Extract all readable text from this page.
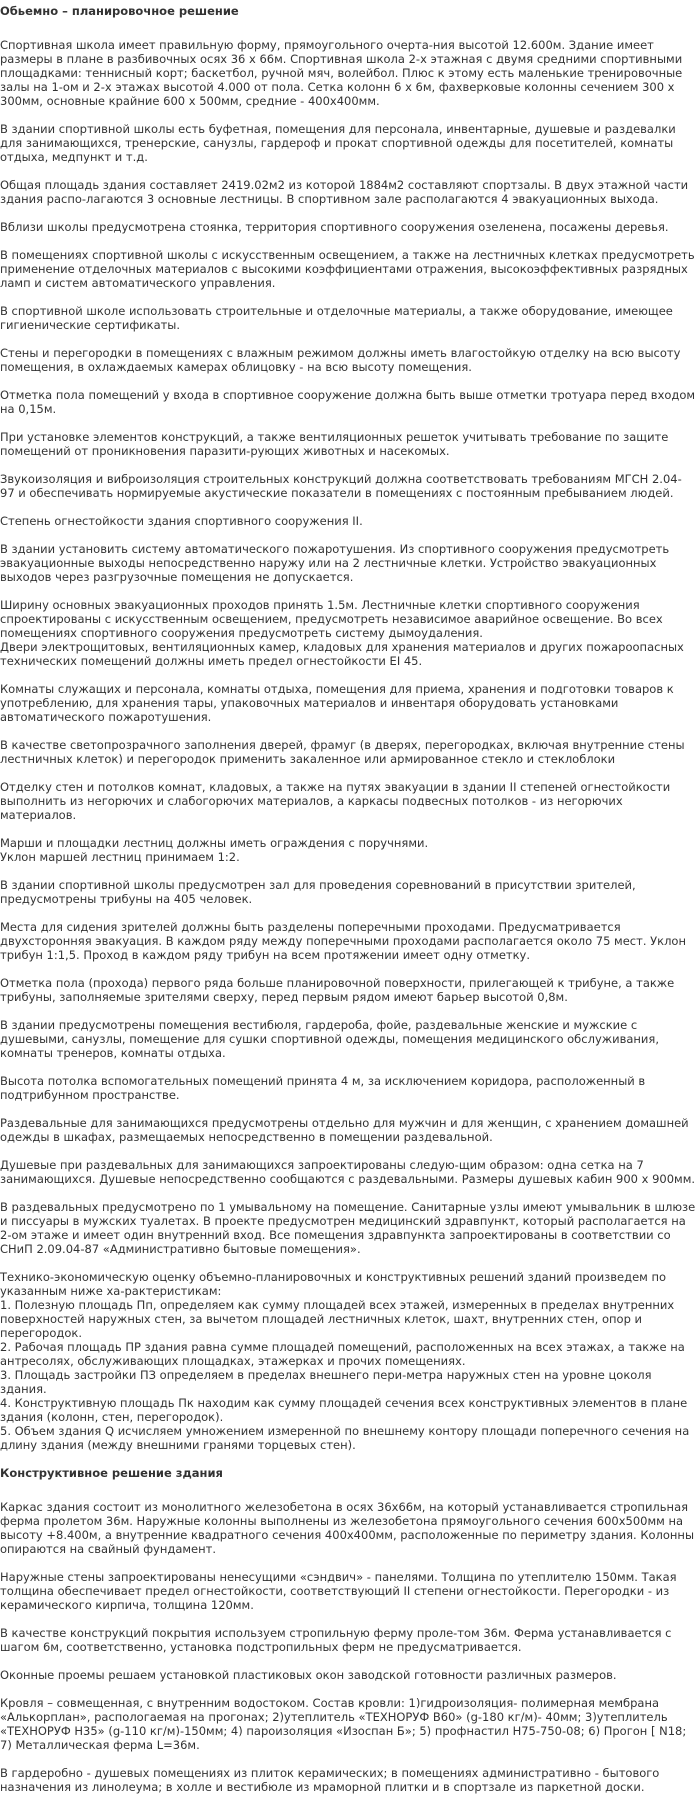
Обьемно – планировочное решение

Спортивная школа имеет правильную форму, прямоугольного очерта-ния высотой 12.600м. Здание имеет размеры в плане в разбивочных осях 36 х 66м. Спортивная школа 2-х этажная с двумя средними спортивными площадками: теннисный корт; баскетбол, ручной мяч, волейбол. Плюс к этому есть маленькие тренировочные залы на 1-ом и 2-х этажах высотой 4.000 от пола. Сетка колонн 6 х 6м, фахверковые колонны сечением 300 х 300мм, основные крайние 600 х 500мм, средние - 400х400мм.

В здании спортивной школы есть буфетная, помещения для персонала, инвентарные, душевые и раздевалки для занимающихся, тренерские, санузлы, гардероф и прокат спортивной одежды для посетителей, комнаты отдыха, медпункт и т.д.

Общая площадь здания составляет 2419.02м2 из которой 1884м2 составляют спортзалы. В двух этажной части здания распо-лагаются 3 основные лестницы. В спортивном зале располагаются 4 эвакуационных выхода.

Вблизи школы предусмотрена стоянка, территория спортивного сооружения озеленена, посажены деревья.

В помещениях спортивной школы с искусственным освещением, а также на лестничных клетках предусмотреть применение отделочных материалов с высокими коэффициентами отражения, высокоэффективных разрядных ламп и систем автоматического управления.

В спортивной школе использовать строительные и отделочные материалы, а также оборудование, имеющее гигиенические сертификаты.

Стены и перегородки в помещениях с влажным режимом должны иметь влагостойкую отделку на всю высоту помещения, в охлаждаемых камерах облицовку - на всю высоту помещения.

Отметка пола помещений у входа в спортивное сооружение должна быть выше отметки тротуара перед входом на 0,15м.

При установке элементов конструкций, а также вентиляционных решеток учитывать требование по защите помещений от проникновения паразити-рующих животных и насекомых.

Звукоизоляция и виброизоляция строительных конструкций должна соответствовать требованиям МГСН 2.04-97 и обеспечивать нормируемые акустические показатели в помещениях с постоянным пребыванием людей.

Степень огнестойкости здания спортивного сооружения II.

В здании установить систему автоматического пожаротушения. Из спортивного сооружения предусмотреть эвакуационные выходы непосредственно наружу или на 2 лестничные клетки. Устройство эвакуационных выходов через разгрузочные помещения не допускается.

Ширину основных эвакуационных проходов принять 1.5м. Лестничные клетки спортивного сооружения спроектированы с искусственным освещением, предусмотреть независимое аварийное освещение. Во всех помещениях спортивного сооружения предусмотреть систему дымоудаления.
Двери электрощитовых, вентиляционных камер, кладовых для хранения материалов и других пожароопасных технических помещений должны иметь предел огнестойкости EI 45.

Комнаты служащих и персонала, комнаты отдыха, помещения для приема, хранения и подготовки товаров к употреблению, для хранения тары, упаковочных материалов и инвентаря оборудовать установками автоматического пожаротушения.

В качестве светопрозрачного заполнения дверей, фрамуг (в дверях, перегородках, включая внутренние стены лестничных клеток) и перегородок применить закаленное или армированное стекло и стеклоблоки

Отделку стен и потолков комнат, кладовых, а также на путях эвакуации в здании II степеней огнестойкости выполнить из негорючих и слабогорючих материалов, а каркасы подвесных потолков - из негорючих материалов.

Марши и площадки лестниц должны иметь ограждения с поручнями.
Уклон маршей лестниц принимаем 1:2.

В здании спортивной школы предусмотрен зал для проведения соревнований в присутствии зрителей, предусмотрены трибуны на 405 человек.

Места для сидения зрителей должны быть разделены поперечными проходами. Предусматривается двухсторонняя эвакуация. В каждом ряду между поперечными проходами располагается около 75 мест. Уклон трибун 1:1,5. Проход в каждом ряду трибун на всем протяжении имеет одну отметку.

Отметка пола (прохода) первого ряда больше планировочной поверхности, прилегающей к трибуне, а также трибуны, заполняемые зрителями сверху, перед первым рядом имеют барьер высотой 0,8м.

В здании предусмотрены помещения вестибюля, гардероба, фойе, раздевальные женские и мужские с душевыми, санузлы, помещение для сушки спортивной одежды, помещения медицинского обслуживания, комнаты тренеров, комнаты отдыха.

Высота потолка вспомогательных помещений принята 4 м, за исключением коридора, расположенный в подтрибунном пространстве.

Раздевальные для занимающихся предусмотрены отдельно для мужчин и для женщин, с хранением домашней одежды в шкафах, размещаемых непосредственно в помещении раздевальной.

Душевые при раздевальных для занимающихся запроектированы следую-щим образом: одна сетка на 7 занимающихся. Душевые непосредственно сообщаются с раздевальными. Размеры душевых кабин 900 х 900мм.

В раздевальных предусмотрено по 1 умывальному на помещение. Санитарные узлы имеют умывальник в шлюзе и писсуары в мужских туалетах. В проекте предусмотрен медицинский здравпункт, который располагается на 2-ом этаже и имеет один внутренний вход. Все помещения здравпункта запроектированы в соответствии со СНиП 2.09.04-87 «Административно бытовые помещения».

Технико-экономическую оценку объемно-планировочных и конструктивных решений зданий произведем по указанным ниже ха-рактеристикам:
1. Полезную площадь Пп, определяем как сумму площадей всех этажей, измеренных в пределах внутренних поверхностей наружных стен, за вычетом площадей лестничных клеток, шахт, внутренних стен, опор и перегородок.
2. Рабочая площадь ПР здания равна сумме площадей помещений, расположенных на всех этажах, а также на антресолях, обслуживающих площадках, этажерках и прочих помещениях.
3. Площадь застройки ПЗ определяем в пределах внешнего пери-метра наружных стен на уровне цоколя здания.
4. Конструктивную площадь Пк находим как сумму площадей сечения всех конструктивных элементов в плане здания (колонн, стен, перегородок).
5. Объем здания Q исчисляем умножением измеренной по внешнему контору площади поперечного сечения на длину здания (между внешними гранями торцевых стен).

Конструктивное решение здания

Каркас здания состоит из монолитного железобетона в осях 36х66м, на который устанавливается стропильная ферма пролетом 36м. Наружные колонны выполнены из железобетона прямоугольного сечения 600х500мм на высоту +8.400м, а внутренние квадратного сечения 400х400мм, расположенные по периметру здания. Колонны опираются на свайный фундамент.

Наружные стены запроектированы ненесущими «сэндвич» - панелями. Толщина по утеплителю 150мм. Такая толщина обеспечивает предел огнестойкости, соответствующий II степени огнестойкости. Перегородки - из керамического кирпича, толщина 120мм.

В качестве конструкций покрытия используем стропильную ферму проле-том 36м. Ферма устанавливается с шагом 6м, соответственно, установка подстропильных ферм не предусматривается.

Оконные проемы решаем установкой пластиковых окон заводской готовности различных размеров.

Кровля – совмещенная, с внутренним водостоком. Состав кровли: 1)гидроизоляция- полимерная мембрана «Алькорплан», распологаемая на прогонах; 2)утеплитель «ТЕХНОРУФ В60» (g-180 кг/м)- 40мм; 3)утеплитель «ТЕХНОРУФ Н35» (g-110 кг/м)-150мм; 4) пароизоляция «Изоспан Б»; 5) профнастил Н75-750-08; 6) Прогон [ N18; 7) Металлическая ферма L=36м.

В гардеробно - душевых помещениях из плиток керамических; в помещениях административно - бытового назначения из линолеума; в холле и вестибюле из мраморной плитки и в спортзале из паркетной доски.
